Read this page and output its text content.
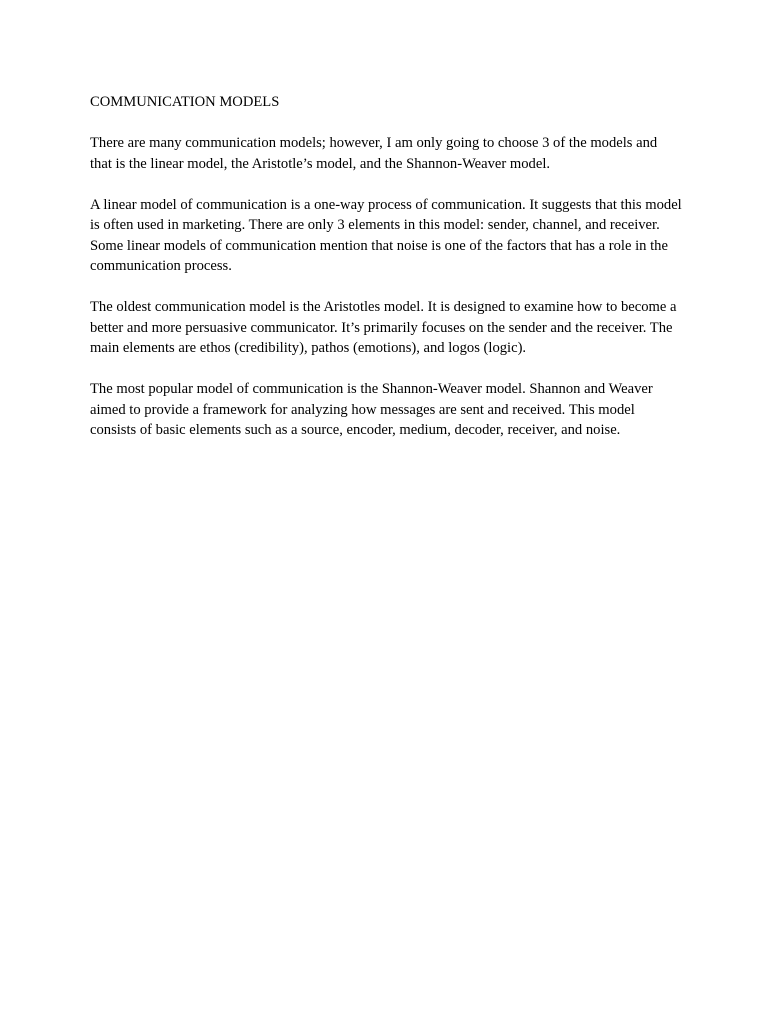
COMMUNICATION MODELS

There are many communication models; however, I am only going to choose 3 of the models and that is the linear model, the Aristotle’s model, and the Shannon-Weaver model.

A linear model of communication is a one-way process of communication. It suggests that this model is often used in marketing. There are only 3 elements in this model: sender, channel, and receiver. Some linear models of communication mention that noise is one of the factors that has a role in the communication process.

The oldest communication model is the Aristotles model. It is designed to examine how to become a better and more persuasive communicator. It’s primarily focuses on the sender and the receiver. The main elements are ethos (credibility), pathos (emotions), and logos (logic).

The most popular model of communication is the Shannon-Weaver model. Shannon and Weaver aimed to provide a framework for analyzing how messages are sent and received. This model consists of basic elements such as a source, encoder, medium, decoder, receiver, and noise.
